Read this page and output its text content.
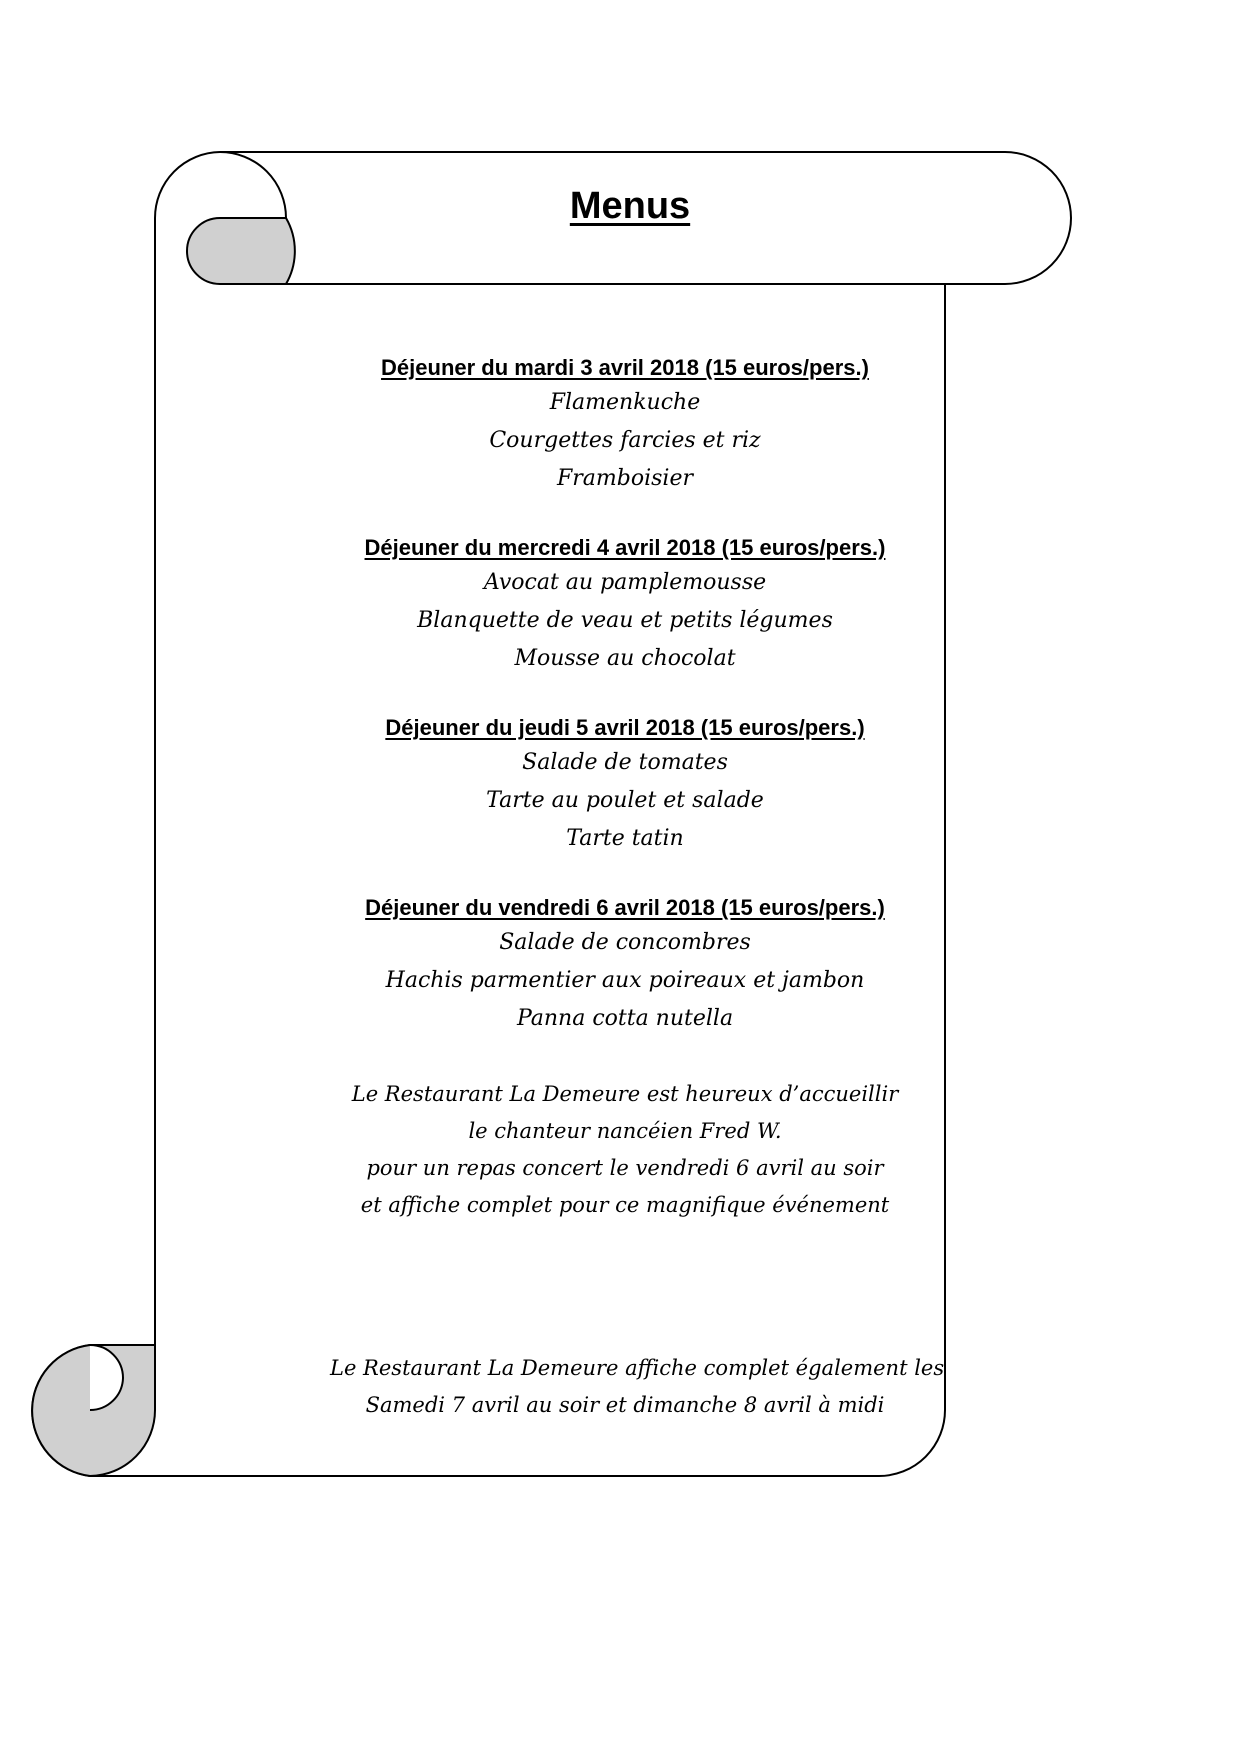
Menus
Déjeuner du mardi 3 avril 2018 (15 euros/pers.)
Flamenkuche
Courgettes farcies et riz
Framboisier
Déjeuner du mercredi 4 avril 2018 (15 euros/pers.)
Avocat au pamplemousse
Blanquette de veau et petits légumes
Mousse au chocolat
Déjeuner du jeudi 5 avril 2018 (15 euros/pers.)
Salade de tomates
Tarte au poulet et salade
Tarte tatin
Déjeuner du vendredi 6 avril 2018 (15 euros/pers.)
Salade de concombres
Hachis parmentier aux poireaux et jambon
Panna cotta nutella
Le Restaurant La Demeure est heureux d’accueillir
le chanteur nancéien Fred W.
pour un repas concert le vendredi 6 avril au soir
et affiche complet pour ce magnifique événement
Le Restaurant La Demeure affiche complet également les
Samedi 7 avril au soir et dimanche 8 avril à midi
